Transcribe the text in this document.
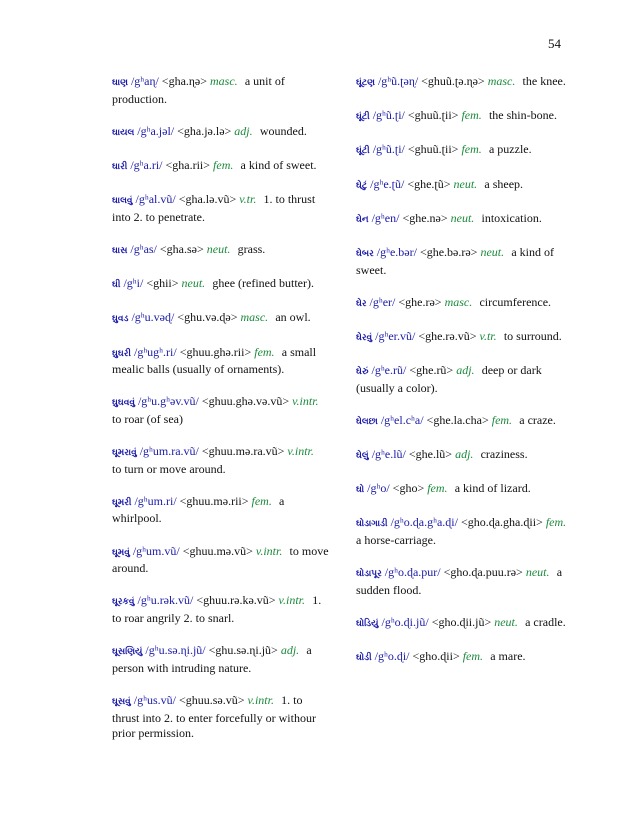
54

ઘાણ /gʰaɳ/ <gha.ɳə> masc. a unit of production.

ઘાયલ /gʰa.jəl/ <gha.jə.lə> adj. wounded.

ઘારી /gʰa.ri/ <gha.rii> fem. a kind of sweet.

ઘાલવું /gʰal.vũ/ <gha.lə.vũ> v.tr. 1. to thrust into 2. to penetrate.

ઘાસ /gʰas/ <gha.sə> neut. grass.

ઘી /gʰi/ <ghii> neut. ghee (refined butter).

ઘુવડ /gʰu.vəɖ/ <ghu.və.ɖə> masc. an owl.

ઘુઘરી /gʰugʰ.ri/ <ghuu.ghə.rii> fem. a small mealic balls (usually of ornaments).

ઘુઘવવું /gʰu.gʰəv.vũ/ <ghuu.ghə.və.vũ> v.intr. to roar (of sea)

ઘૂમરાવું /gʰum.ra.vũ/ <ghuu.mə.ra.vũ> v.intr. to turn or move around.

ઘૂમરી /gʰum.ri/ <ghuu.mə.rii> fem. a whirlpool.

ઘૂમવું /gʰum.vũ/ <ghuu.mə.vũ> v.intr. to move around.

ઘૂરકવું /gʰu.rək.vũ/ <ghuu.rə.kə.vũ> v.intr. 1. to roar angrily 2. to snarl.

ઘૂસણિયું /gʰu.sə.ɳi.jũ/ <ghu.sə.ɳi.jũ> adj. a person with intruding nature.

ઘૂસવું /gʰus.vũ/ <ghuu.sə.vũ> v.intr. 1. to thrust into 2. to enter forcefully or withour prior permission.

ઘૂંટણ /gʰũ.ʈəɳ/ <ghuũ.ʈə.ɳə> masc. the knee.

ઘૂંટી /gʰũ.ʈi/ <ghuũ.ʈii> fem. the shin-bone.

ઘૂંટી /gʰũ.ʈi/ <ghuũ.ʈii> fem. a puzzle.

ઘેટું /gʰe.ʈũ/ <ghe.ʈũ> neut. a sheep.

ઘેન /gʰen/ <ghe.nə> neut. intoxication.

ઘેબર /gʰe.bər/ <ghe.bə.rə> neut. a kind of sweet.

ઘેર /gʰer/ <ghe.rə> masc. circumference.

ઘેરવું /gʰer.vũ/ <ghe.rə.vũ> v.tr. to surround.

ઘેરું /gʰe.rũ/ <ghe.rũ> adj. deep or dark (usually a color).

ઘેલછા /gʰel.cʰa/ <ghe.la.cha> fem. a craze.

ઘેલું /gʰe.lũ/ <ghe.lũ> adj. craziness.

ઘો /gʰo/ <gho> fem. a kind of lizard.

ઘોડાગાડી /gʰo.ɖa.gʰa.ɖi/ <gho.ɖa.gha.ɖii> fem. a horse-carriage.

ઘોડાપૂર /gʰo.ɖa.pur/ <gho.ɖa.puu.rə> neut. a sudden flood.

ઘોડિયું /gʰo.ɖi.jũ/ <gho.ɖii.jũ> neut. a cradle.

ઘોડી /gʰo.ɖi/ <gho.ɖii> fem. a mare.
